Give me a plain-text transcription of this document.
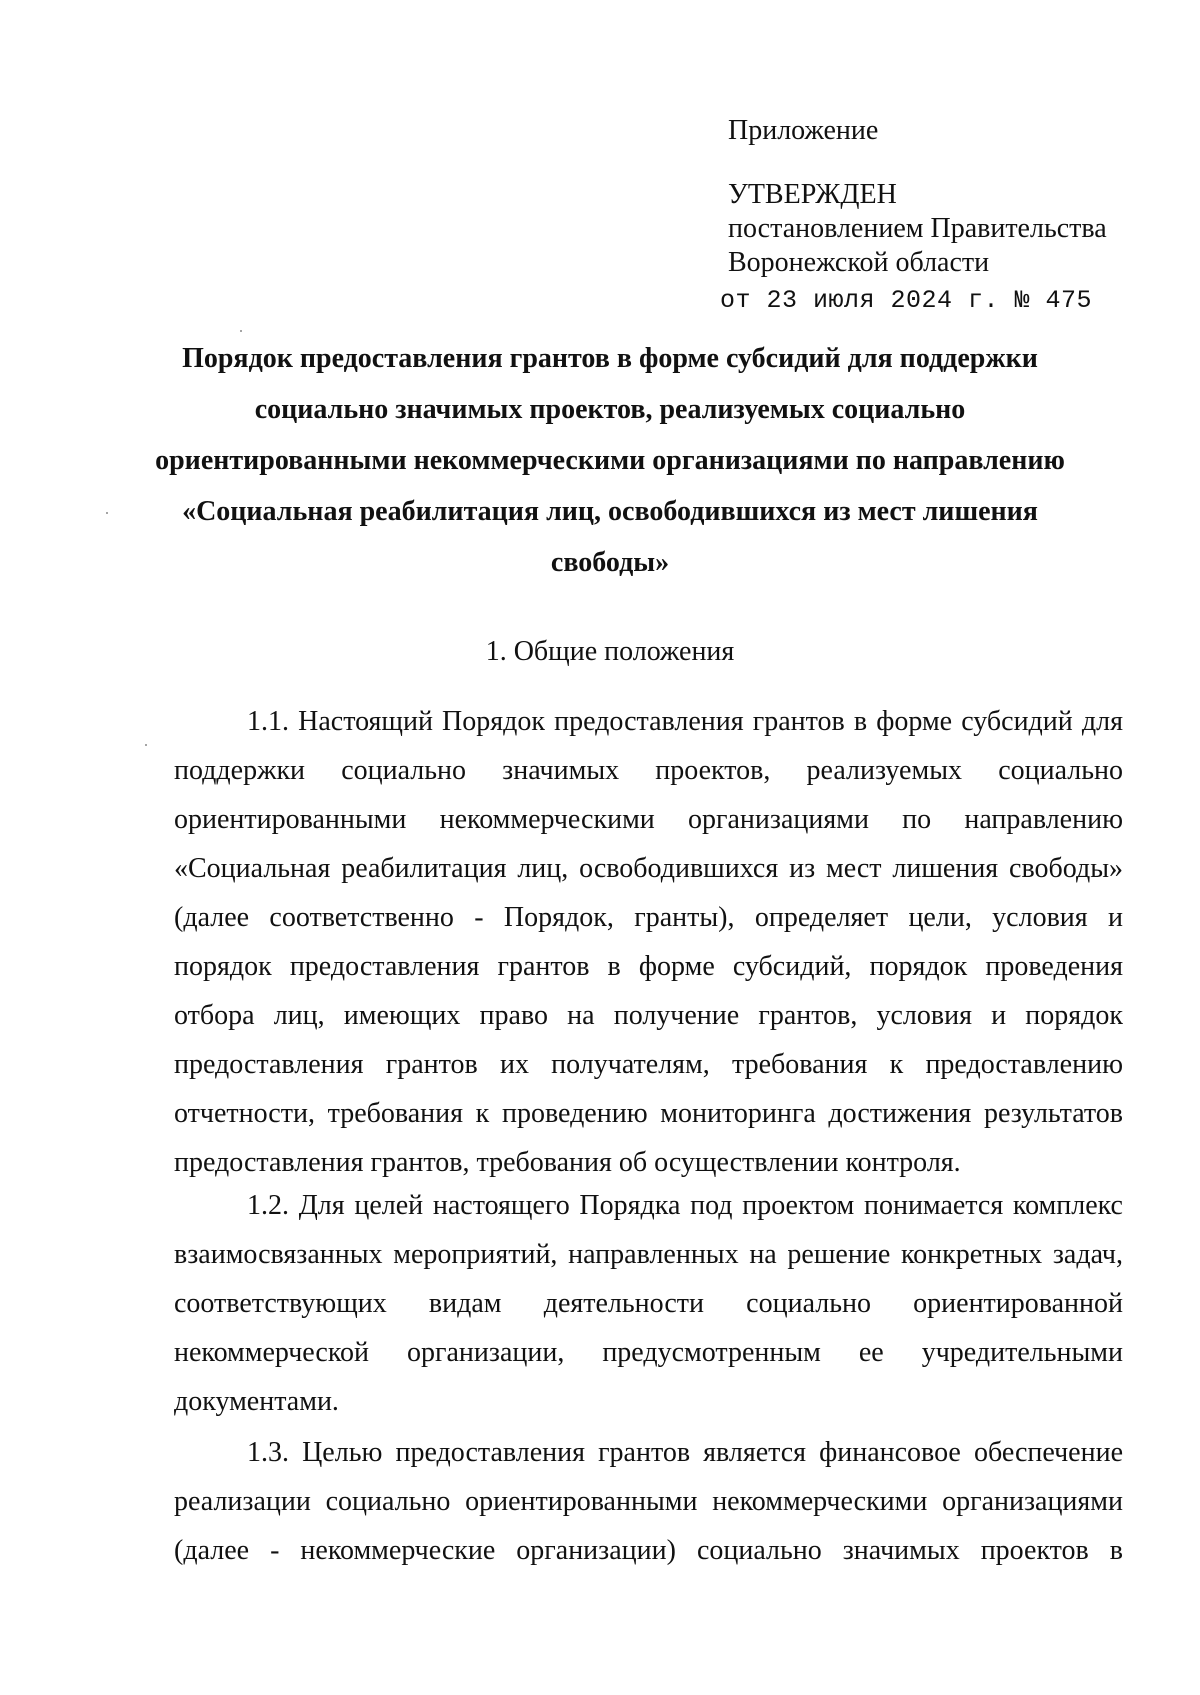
Приложение
УТВЕРЖДЕН
постановлением Правительства
Воронежской области
от 23 июля 2024 г. № 475
Порядок предоставления грантов в форме субсидий для поддержки
социально значимых проектов, реализуемых социально
ориентированными некоммерческими организациями по направлению
«Социальная реабилитация лиц, освободившихся из мест лишения
свободы»
1. Общие положения
1.1. Настоящий Порядок предоставления грантов в форме субсидий для
поддержки социально значимых проектов, реализуемых социально
ориентированными некоммерческими организациями по направлению
«Социальная реабилитация лиц, освободившихся из мест лишения свободы»
(далее соответственно - Порядок, гранты), определяет цели, условия и
порядок предоставления грантов в форме субсидий, порядок проведения
отбора лиц, имеющих право на получение грантов, условия и порядок
предоставления грантов их получателям, требования к предоставлению
отчетности, требования к проведению мониторинга достижения результатов
предоставления грантов, требования об осуществлении контроля.
1.2. Для целей настоящего Порядка под проектом понимается комплекс
взаимосвязанных мероприятий, направленных на решение конкретных задач,
соответствующих видам деятельности социально ориентированной
некоммерческой организации, предусмотренным ее учредительными
документами.
1.3. Целью предоставления грантов является финансовое обеспечение
реализации социально ориентированными некоммерческими организациями
(далее - некоммерческие организации) социально значимых проектов в
